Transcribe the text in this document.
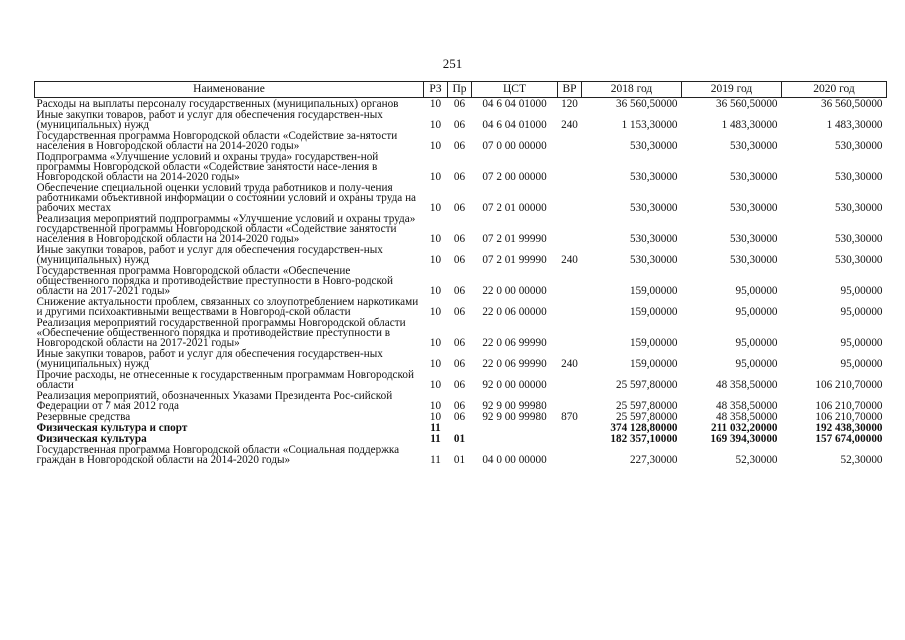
251
Наименование	РЗ	Пр	ЦСТ	ВР	2018 год	2019 год	2020 год
Расходы на выплаты персоналу государственных (муниципальных) органов	10	06	04 6 04 01000	120	36 560,50000	36 560,50000	36 560,50000
Иные закупки товаров, работ и услуг для обеспечения государствен-ных (муниципальных) нужд	10	06	04 6 04 01000	240	1 153,30000	1 483,30000	1 483,30000
Государственная программа Новгородской области «Содействие за-нятости населения в Новгородской области на 2014-2020 годы»	10	06	07 0 00 00000		530,30000	530,30000	530,30000
Подпрограмма «Улучшение условий и охраны труда» государствен-ной программы Новгородской области «Содействие занятости насе-ления в Новгородской области на 2014-2020 годы»	10	06	07 2 00 00000		530,30000	530,30000	530,30000
Обеспечение специальной оценки условий труда работников и полу-чения работниками объективной информации о состоянии условий и охраны труда на рабочих местах	10	06	07 2 01 00000		530,30000	530,30000	530,30000
Реализация мероприятий подпрограммы «Улучшение условий и охраны труда» государственной программы Новгородской области «Содействие занятости населения в Новгородской области на 2014-2020 годы»	10	06	07 2 01 99990		530,30000	530,30000	530,30000
Иные закупки товаров, работ и услуг для обеспечения государствен-ных (муниципальных) нужд	10	06	07 2 01 99990	240	530,30000	530,30000	530,30000
Государственная программа Новгородской области «Обеспечение общественного порядка и противодействие преступности в Новго-родской области на 2017-2021 годы»	10	06	22 0 00 00000		159,00000	95,00000	95,00000
Снижение актуальности проблем, связанных со злоупотреблением наркотиками и другими психоактивными веществами в Новгород-ской области	10	06	22 0 06 00000		159,00000	95,00000	95,00000
Реализация мероприятий государственной программы Новгородской области «Обеспечение общественного порядка и противодействие преступности в Новгородской области на 2017-2021 годы»	10	06	22 0 06 99990		159,00000	95,00000	95,00000
Иные закупки товаров, работ и услуг для обеспечения государствен-ных (муниципальных) нужд	10	06	22 0 06 99990	240	159,00000	95,00000	95,00000
Прочие расходы, не отнесенные к государственным программам Новгородской области	10	06	92 0 00 00000		25 597,80000	48 358,50000	106 210,70000
Реализация мероприятий, обозначенных Указами Президента Рос-сийской Федерации от 7 мая 2012 года	10	06	92 9 00 99980		25 597,80000	48 358,50000	106 210,70000
Резервные средства	10	06	92 9 00 99980	870	25 597,80000	48 358,50000	106 210,70000
Физическая культура и спорт	11				374 128,80000	211 032,20000	192 438,30000
Физическая культура	11	01			182 357,10000	169 394,30000	157 674,00000
Государственная программа Новгородской области «Социальная поддержка граждан в Новгородской области на 2014-2020 годы»	11	01	04 0 00 00000		227,30000	52,30000	52,30000
